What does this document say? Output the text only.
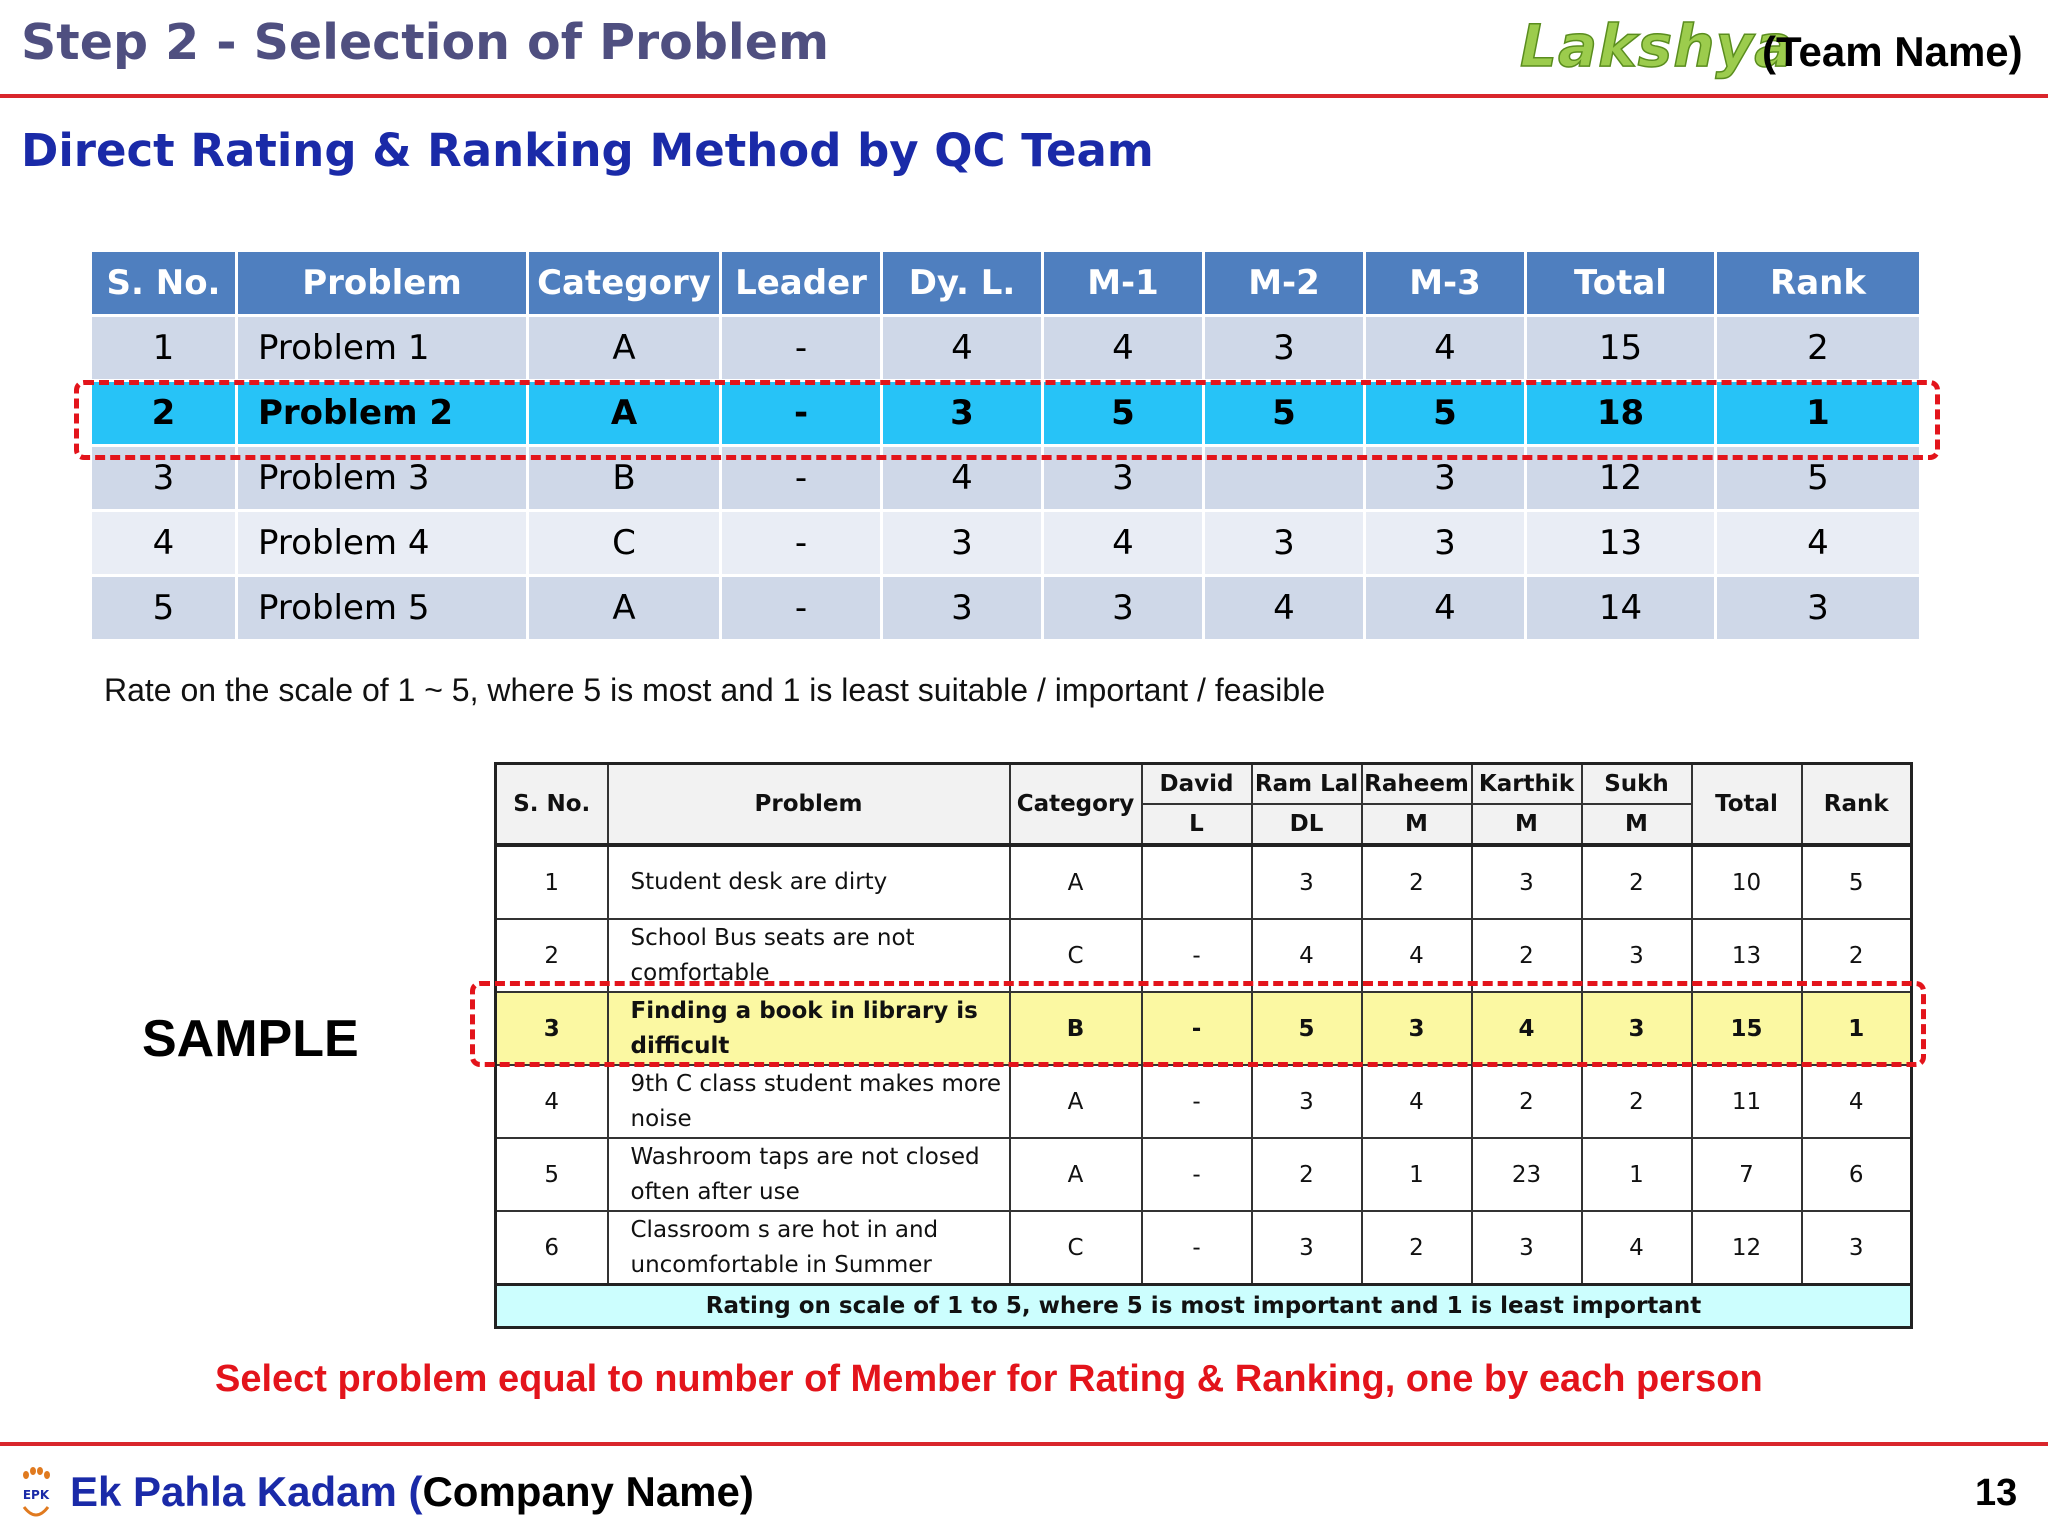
Step 2 - Selection of Problem	Lakshya
(Team Name)
Direct Rating & Ranking Method by QC Team
S. No.	Problem	Category	Leader	Dy. L.	M-1	M-2	M-3	Total	Rank
1	Problem 1	A	-	4	4	3	4	15	2
2	Problem 2	A	-	3	5	5	5	18	1
3	Problem 3	B	-	4	3		3	12	5
4	Problem 4	C	-	3	4	3	3	13	4
5	Problem 5	A	-	3	3	4	4	14	3
Rate on the scale of 1 ~ 5, where 5 is most and 1 is least suitable / important / feasible
SAMPLE
S. No.	Problem	Category	David	Ram Lal	Raheem	Karthik	Sukh	Total	Rank
			L	DL	M	M	M		
1	Student desk are dirty	A		3	2	3	2	10	5
2	School Bus seats are not comfortable	C	-	4	4	2	3	13	2
3	Finding a book in library is difficult	B	-	5	3	4	3	15	1
4	9th C class student makes more noise	A	-	3	4	2	2	11	4
5	Washroom taps are not closed often after use	A	-	2	1	23	1	7	6
6	Classroom s are hot in and uncomfortable in Summer	C	-	3	2	3	4	12	3
Rating on scale of 1 to 5, where 5 is most important and 1 is least important									
Select problem equal to number of Member for Rating & Ranking, one by each person
EPK Ek Pahla Kadam (Company Name)	13
